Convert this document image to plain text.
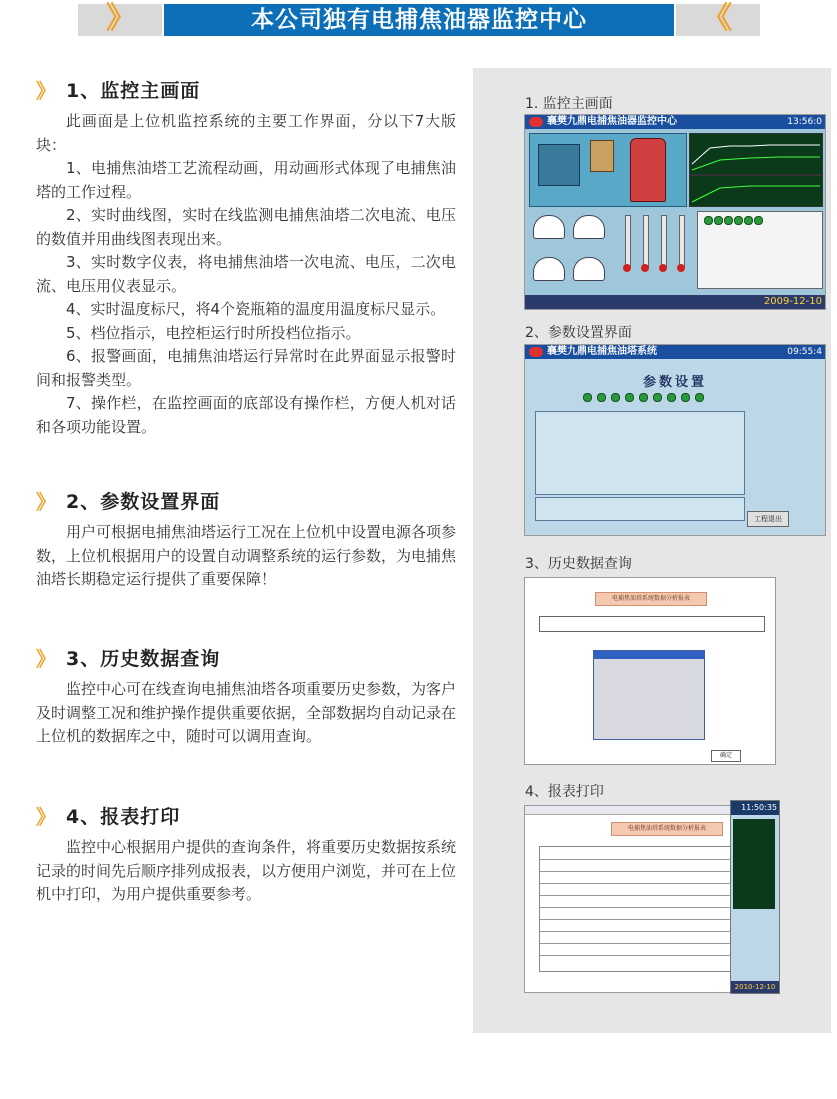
》	本公司独有电捕焦油器监控中心	《
》 1、监控主画面

此画面是上位机监控系统的主要工作界面，分以下7大版块：

1、电捕焦油塔工艺流程动画，用动画形式体现了电捕焦油塔的工作过程。

2、实时曲线图，实时在线监测电捕焦油塔二次电流、电压的数值并用曲线图表现出来。

3、实时数字仪表，将电捕焦油塔一次电流、电压，二次电流、电压用仪表显示。

4、实时温度标尺，将4个瓷瓶箱的温度用温度标尺显示。

5、档位指示，电控柜运行时所投档位指示。

6、报警画面，电捕焦油塔运行异常时在此界面显示报警时间和报警类型。

7、操作栏，在监控画面的底部设有操作栏，方便人机对话和各项功能设置。

》 2、参数设置界面

用户可根据电捕焦油塔运行工况在上位机中设置电源各项参数，上位机根据用户的设置自动调整系统的运行参数，为电捕焦油塔长期稳定运行提供了重要保障！

》 3、历史数据查询

监控中心可在线查询电捕焦油塔各项重要历史参数，为客户及时调整工况和维护操作提供重要依据，全部数据均自动记录在上位机的数据库之中，随时可以调用查询。

》 4、报表打印

监控中心根据用户提供的查询条件，将重要历史数据按系统记录的时间先后顺序排列成报表，以方便用户浏览，并可在上位机中打印，为用户提供重要参考。

1. 监控主画面
2、参数设置界面
3、历史数据查询
4、报表打印
襄樊九鼎电捕焦油器监控中心	13:56:0
2009-12-10
襄樊九鼎电捕焦油塔系统	09:55:4
参数设置
工程退出
电捕焦油塔系统数据分析报表
确定
电捕焦油塔系统数据分析报表
11:50:35
2010-12-10
